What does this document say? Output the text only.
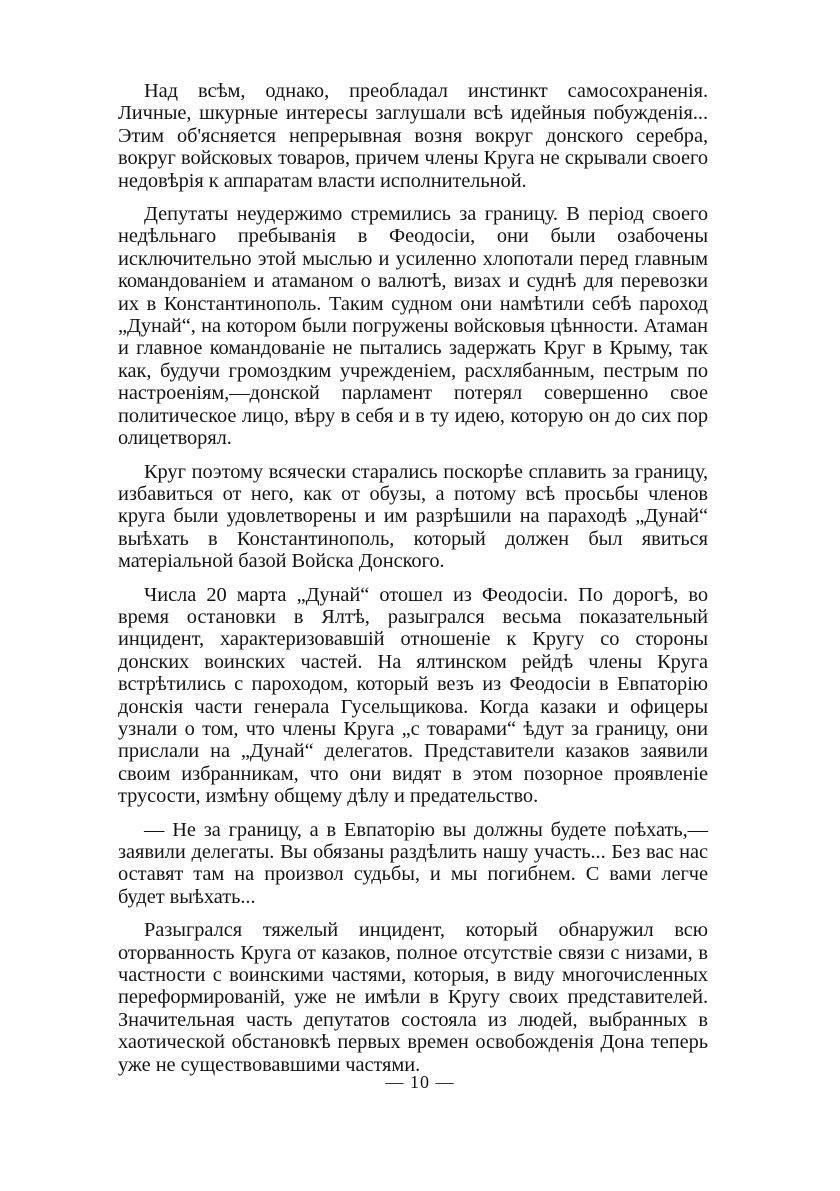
Над всѣм, однако, преобладал инстинкт самосохраненія. Личные, шкурные интересы заглушали всѣ идейныя побужденія... Этим об'ясняется непрерывная возня вокруг донского серебра, вокруг войсковых товаров, причем члены Круга не скрывали своего недовѣрія к аппаратам власти исполнительной.

Депутаты неудержимо стремились за границу. В період своего недѣльнаго пребыванія в Феодосіи, они были озабочены исключительно этой мыслью и усиленно хлопотали перед главным командованіем и атаманом о валютѣ, визах и суднѣ для перевозки их в Константинополь. Таким судном они намѣтили себѣ пароход „Дунай“, на котором были погружены войсковыя цѣнности. Атаман и главное командованіе не пытались задержать Круг в Крыму, так как, будучи громоздким учрежденіем, расхлябанным, пестрым по настроеніям,—донской парламент потерял совершенно свое политическое лицо, вѣру в себя и в ту идею, которую он до сих пор олицетворял.

Круг поэтому всячески старались поскорѣе сплавить за границу, избавиться от него, как от обузы, а потому всѣ просьбы членов круга были удовлетворены и им разрѣшили на параходѣ „Дунай“ выѣхать в Константинополь, который должен был явиться матеріальной базой Войска Донского.

Числа 20 марта „Дунай“ отошел из Феодосіи. По дорогѣ, во время остановки в Ялтѣ, разыгрался весьма показательный инцидент, характеризовавшій отношеніе к Кругу со стороны донских воинских частей. На ялтинском рейдѣ члены Круга встрѣтились с пароходом, который везъ из Феодосіи в Евпаторію донскія части генерала Гусельщикова. Когда казаки и офицеры узнали о том, что члены Круга „с товарами“ ѣдут за границу, они прислали на „Дунай“ делегатов. Представители казаков заявили своим избранникам, что они видят в этом позорное проявленіе трусости, измѣну общему дѣлу и предательство.

— Не за границу, а в Евпаторію вы должны будете поѣхать,—заявили делегаты. Вы обязаны раздѣлить нашу участь... Без вас нас оставят там на произвол судьбы, и мы погибнем. С вами легче будет выѣхать...

Разыгрался тяжелый инцидент, который обнаружил всю оторванность Круга от казаков, полное отсутствіе связи с низами, в частности с воинскими частями, которыя, в виду многочисленных переформированій, уже не имѣли в Кругу своих представителей. Значительная часть депутатов состояла из людей, выбранных в хаотической обстановкѣ первых времен освобожденія Дона теперь уже не существовавшими частями.

— 10 —
